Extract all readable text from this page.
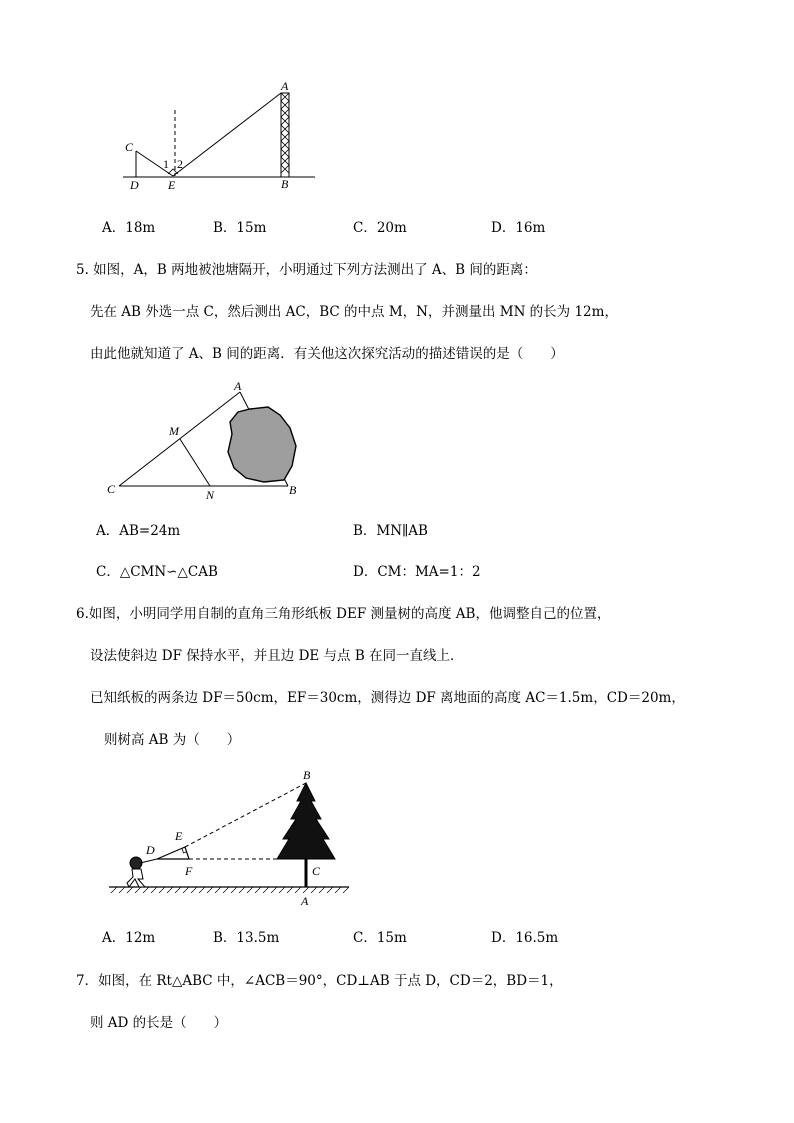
A
B
C
D E
1 2
A．18m	B．15m	C．20m	D．16m
5. 如图，A，B 两地被池塘隔开，小明通过下列方法测出了 A、B 间的距离：
先在 AB 外选一点 C，然后测出 AC，BC 的中点 M，N，并测量出 MN 的长为 12m，
由此他就知道了 A、B 间的距离．有关他这次探究活动的描述错误的是（　　）
A
M
C	N	B
A．AB=24m	B．MN∥AB
C．△CMN∽△CAB	D．CM：MA=1：2
6.如图，小明同学用自制的直角三角形纸板 DEF 测量树的高度 AB，他调整自己的位置，
设法使斜边 DF 保持水平，并且边 DE 与点 B 在同一直线上．
已知纸板的两条边 DF＝50cm，EF＝30cm，测得边 DF 离地面的高度 AC＝1.5m，CD＝20m，
则树高 AB 为（　　）
B
E
D
F	C
A
A．12m	B．13.5m	C．15m	D．16.5m
7．如图，在 Rt△ABC 中，∠ACB＝90°，CD⊥AB 于点 D，CD＝2，BD＝1，
则 AD 的长是（　　）
